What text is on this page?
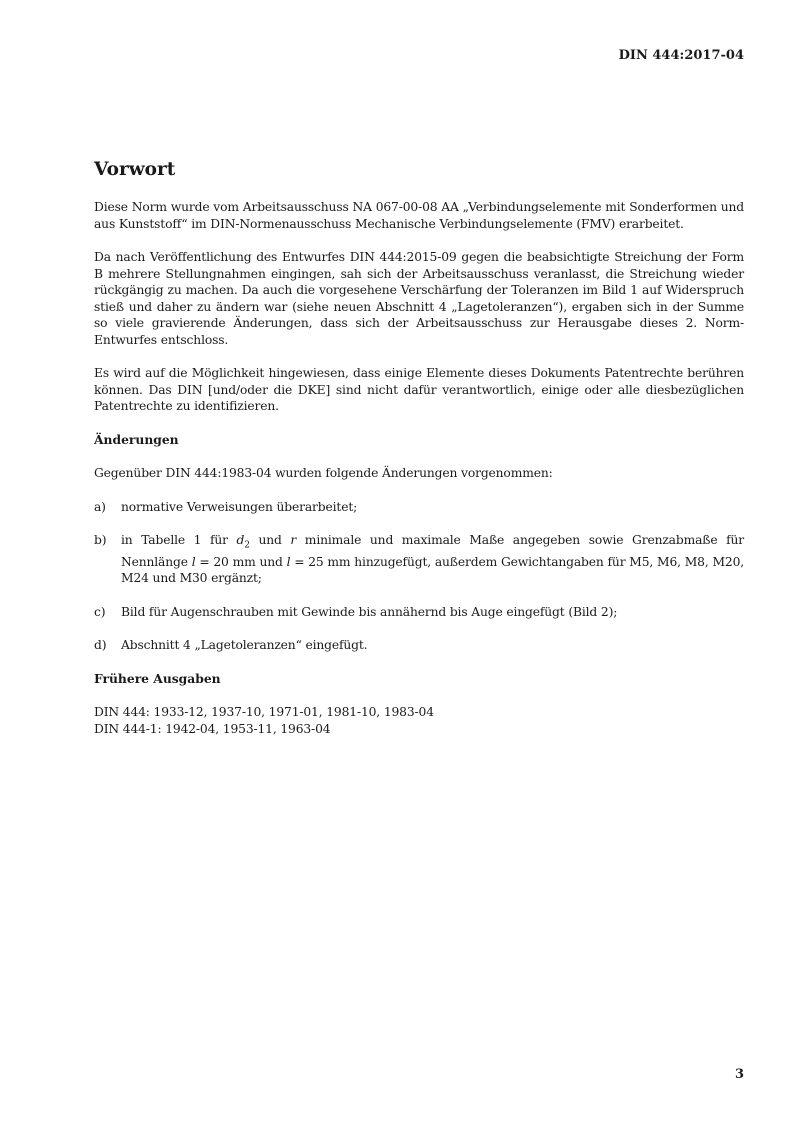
DIN 444:2017-04
Vorwort

Diese Norm wurde vom Arbeitsausschuss NA 067-00-08 AA „Verbindungselemente mit Sonderformen und aus Kunststoff“ im DIN-Normenausschuss Mechanische Verbindungselemente (FMV) erarbeitet.

Da nach Veröffentlichung des Entwurfes DIN 444:2015-09 gegen die beabsichtigte Streichung der Form B mehrere Stellungnahmen eingingen, sah sich der Arbeitsausschuss veranlasst, die Streichung wieder rückgängig zu machen. Da auch die vorgesehene Verschärfung der Toleranzen im Bild 1 auf Widerspruch stieß und daher zu ändern war (siehe neuen Abschnitt 4 „Lagetoleranzen“), ergaben sich in der Summe so viele gravierende Änderungen, dass sich der Arbeitsausschuss zur Herausgabe dieses 2. Norm-Entwurfes entschloss.

Es wird auf die Möglichkeit hingewiesen, dass einige Elemente dieses Dokuments Patentrechte berühren können. Das DIN [und/oder die DKE] sind nicht dafür verantwortlich, einige oder alle diesbezüglichen Patentrechte zu identifizieren.

Änderungen

Gegenüber DIN 444:1983-04 wurden folgende Änderungen vorgenommen:

a)	normative Verweisungen überarbeitet;
b)	in Tabelle 1 für $d_2$ und r minimale und maximale Maße angegeben sowie Grenzabmaße für Nennlänge l = 20 mm und l = 25 mm hinzugefügt, außerdem Gewichtangaben für M5, M6, M8, M20, M24 und M30 ergänzt;
c)	Bild für Augenschrauben mit Gewinde bis annähernd bis Auge eingefügt (Bild 2);
d)	Abschnitt 4 „Lagetoleranzen“ eingefügt.
Frühere Ausgaben

DIN 444: 1933-12, 1937-10, 1971-01, 1981-10, 1983-04

DIN 444-1: 1942-04, 1953-11, 1963-04

3
